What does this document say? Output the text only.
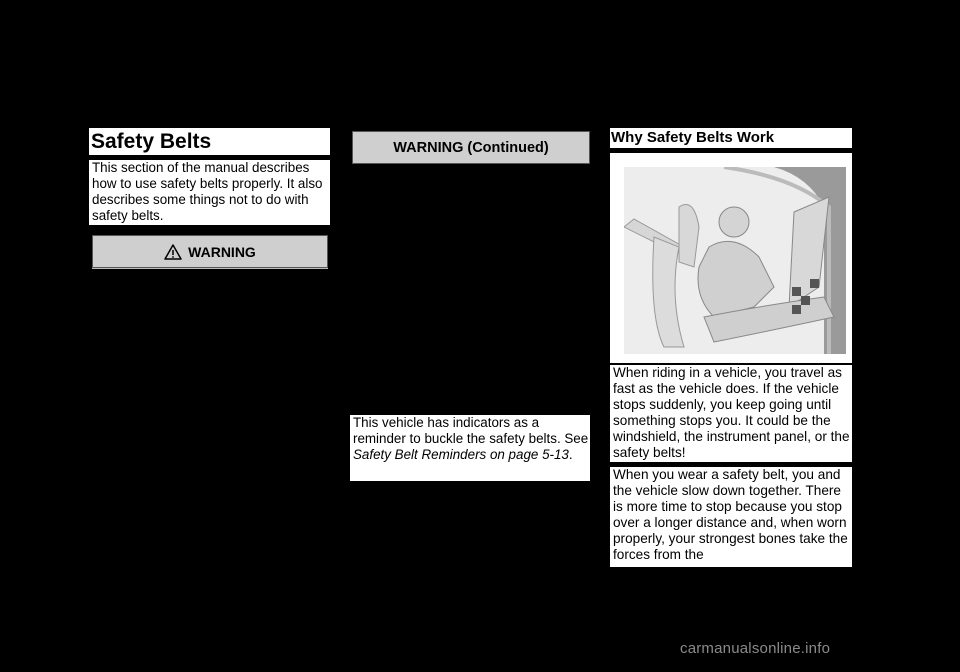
Safety Belts
This section of the manual describes how to use safety belts properly. It also describes some things not to do with safety belts.
WARNING
WARNING (Continued)
This vehicle has indicators as a reminder to buckle the safety belts. See Safety Belt Reminders on page 5-13.
Why Safety Belts Work
When riding in a vehicle, you travel as fast as the vehicle does. If the vehicle stops suddenly, you keep going until something stops you. It could be the windshield, the instrument panel, or the safety belts!
When you wear a safety belt, you and the vehicle slow down together. There is more time to stop because you stop over a longer distance and, when worn properly, your strongest bones take the forces from the
carmanualsonline.info
